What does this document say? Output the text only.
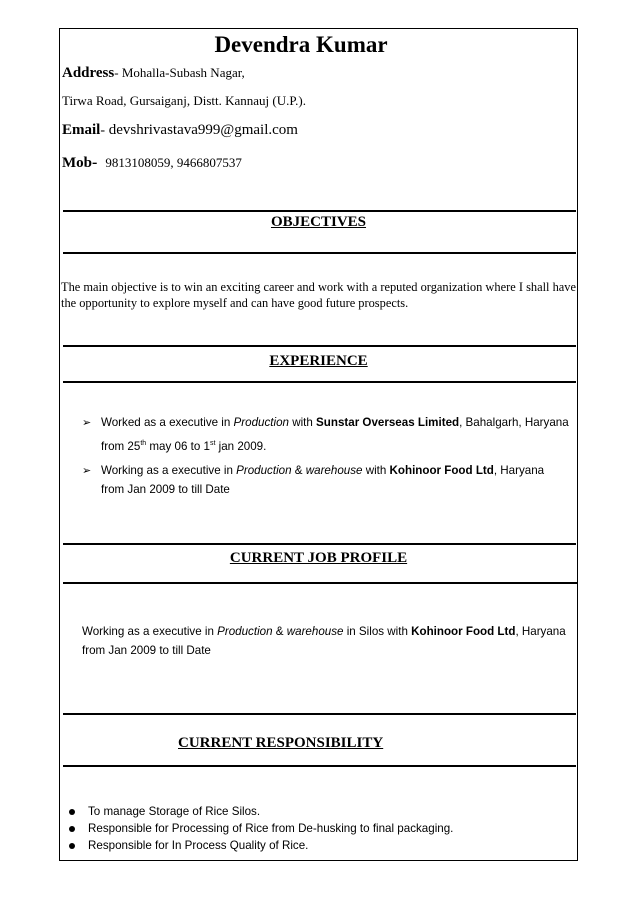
Devendra Kumar
Address- Mohalla-Subash Nagar,
Tirwa Road, Gursaiganj, Distt. Kannauj (U.P.).
Email- devshrivastava999@gmail.com
Mob- 9813108059, 9466807537
OBJECTIVES
The main objective is to win an exciting career and work with a reputed organization where I shall have the opportunity to explore myself and can have good future prospects.
EXPERIENCE
➢ Worked as a executive in Production with Sunstar Overseas Limited, Bahalgarh, Haryana
from 25th may 06 to 1st jan 2009.
➢ Working as a executive in Production & warehouse with Kohinoor Food Ltd, Haryana
from Jan 2009 to till Date
CURRENT JOB PROFILE
Working as a executive in Production & warehouse in Silos with Kohinoor Food Ltd, Haryana
from Jan 2009 to till Date
CURRENT RESPONSIBILITY
To manage Storage of Rice Silos.
Responsible for Processing of Rice from De-husking to final packaging.
Responsible for In Process Quality of Rice.
